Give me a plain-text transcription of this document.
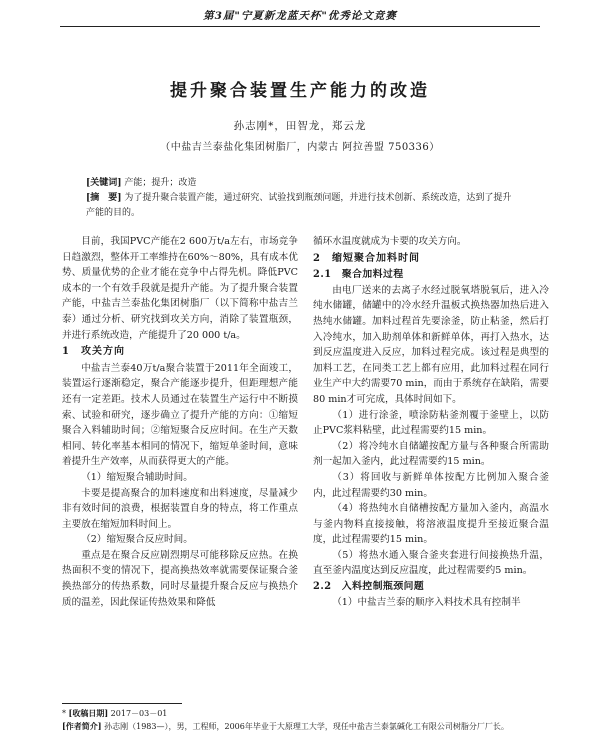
第3届"宁夏新龙蓝天杯"优秀论文竞赛
提升聚合装置生产能力的改造
孙志刚*，田智龙，郑云龙
（中盐吉兰泰盐化集团树脂厂，内蒙古 阿拉善盟 750336）

[关键词] 产能；提升；改造

[摘　要] 为了提升聚合装置产能，通过研究、试验找到瓶颈问题，并进行技术创新、系统改造，达到了提升产能的目的。

目前，我国PVC产能在2 600万t/a左右，市场竞争日趋激烈，整体开工率维持在60%～80%，具有成本优势、质量优势的企业才能在竞争中占得先机。降低PVC成本的一个有效手段就是提升产能。为了提升聚合装置产能，中盐吉兰泰盐化集团树脂厂（以下简称中盐吉兰泰）通过分析、研究找到攻关方向，消除了装置瓶颈，并进行系统改造，产能提升了20 000 t/a。

1　攻关方向

中盐吉兰泰40万t/a聚合装置于2011年全面竣工，装置运行逐渐稳定，聚合产能逐步提升，但距理想产能还有一定差距。技术人员通过在装置生产运行中不断摸索、试验和研究，逐步确立了提升产能的方向：①缩短聚合入料辅助时间；②缩短聚合反应时间。在生产天数相同、转化率基本相同的情况下，缩短单釜时间，意味着提升生产效率，从而获得更大的产能。

（1）缩短聚合辅助时间。

卡要是提高聚合的加料速度和出料速度，尽量减少非有效时间的浪费，根据装置自身的特点，将工作重点主要放在缩短加料时间上。

（2）缩短聚合反应时间。

重点是在聚合反应剧烈期尽可能移除反应热。在换热面积不变的情况下，提高换热效率就需要保证聚合釜换热部分的传热系数，同时尽量提升聚合反应与换热介质的温差，因此保证传热效果和降低

循环水温度就成为卡要的攻关方向。

2　缩短聚合加料时间
2.1　聚合加料过程

由电厂送来的去离子水经过脱氧塔脱氧后，进入冷纯水储罐，储罐中的冷水经升温板式换热器加热后进入热纯水储罐。加料过程首先要涂釜，防止粘釜，然后打入冷纯水，加入助剂单体和新鲜单体，再打入热水，达到反应温度进入反应，加料过程完成。该过程是典型的加料工艺，在同类工艺上都有应用，此加料过程在同行业生产中大约需要70 min，而由于系统存在缺陷，需要80 min才可完成，具体时间如下。

（1）进行涂釜，喷涂防粘釜剂覆于釜壁上，以防止PVC浆料粘壁，此过程需要约15 min。

（2）将冷纯水自储罐按配方量与各种聚合所需助剂一起加入釜内，此过程需要约15 min。

（3）将回收与新鲜单体按配方比例加入聚合釜内，此过程需要约30 min。

（4）将热纯水自储槽按配方量加入釜内，高温水与釜内物料直接接触，将溶液温度提升至接近聚合温度，此过程需要约15 min。

（5）将热水通入聚合釜夹套进行间接换热升温，直至釜内温度达到反应温度，此过程需要约5 min。

2.2　入料控制瓶颈问题

（1）中盐吉兰泰的顺序入料技术具有控制半

* [收稿日期] 2017－03－01

[作者简介] 孙志刚（1983—），男，工程师，2006年毕业于大原理工大学，现任中盐吉兰泰氯碱化工有限公司树脂分厂厂长。
